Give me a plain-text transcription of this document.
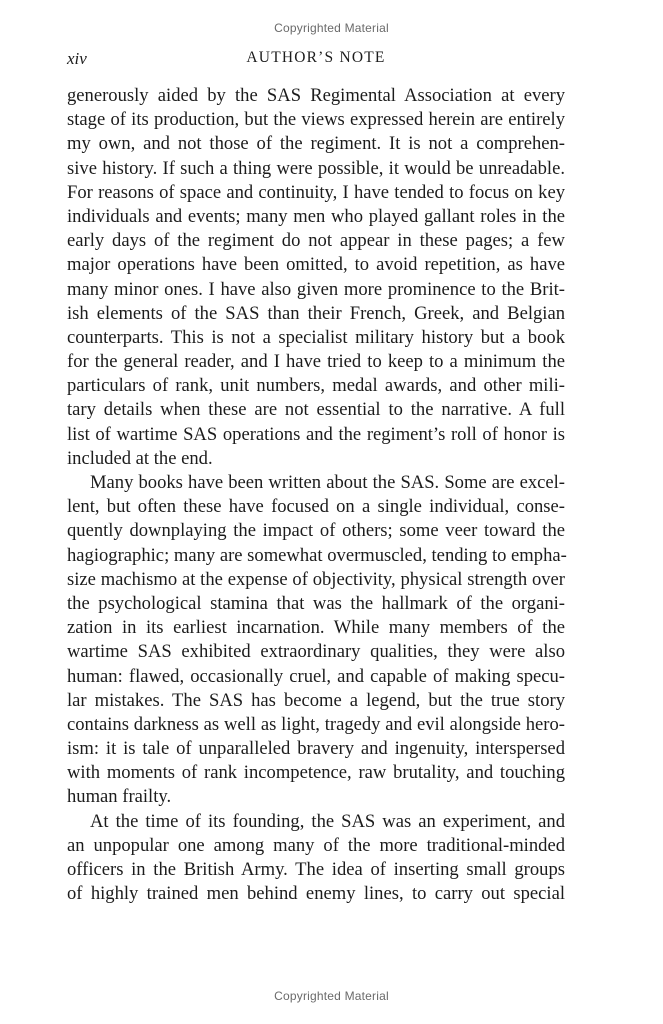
Copyrighted Material
xiv	AUTHOR’S NOTE
generously aided by the SAS Regimental Association at every
stage of its production, but the views expressed herein are entirely
my own, and not those of the regiment. It is not a comprehen-
sive history. If such a thing were possible, it would be unreadable.
For reasons of space and continuity, I have tended to focus on key
individuals and events; many men who played gallant roles in the
early days of the regiment do not appear in these pages; a few
major operations have been omitted, to avoid repetition, as have
many minor ones. I have also given more prominence to the Brit-
ish elements of the SAS than their French, Greek, and Belgian
counterparts. This is not a specialist military history but a book
for the general reader, and I have tried to keep to a minimum the
particulars of rank, unit numbers, medal awards, and other mili-
tary details when these are not essential to the narrative. A full
list of wartime SAS operations and the regiment’s roll of honor is
included at the end.
Many books have been written about the SAS. Some are excel-
lent, but often these have focused on a single individual, conse-
quently downplaying the impact of others; some veer toward the
hagiographic; many are somewhat overmuscled, tending to empha-
size machismo at the expense of objectivity, physical strength over
the psychological stamina that was the hallmark of the organi-
zation in its earliest incarnation. While many members of the
wartime SAS exhibited extraordinary qualities, they were also
human: flawed, occasionally cruel, and capable of making specu-
lar mistakes. The SAS has become a legend, but the true story
contains darkness as well as light, tragedy and evil alongside hero-
ism: it is tale of unparalleled bravery and ingenuity, interspersed
with moments of rank incompetence, raw brutality, and touching
human frailty.
At the time of its founding, the SAS was an experiment, and
an unpopular one among many of the more traditional-minded
officers in the British Army. The idea of inserting small groups
of highly trained men behind enemy lines, to carry out special
Copyrighted Material
